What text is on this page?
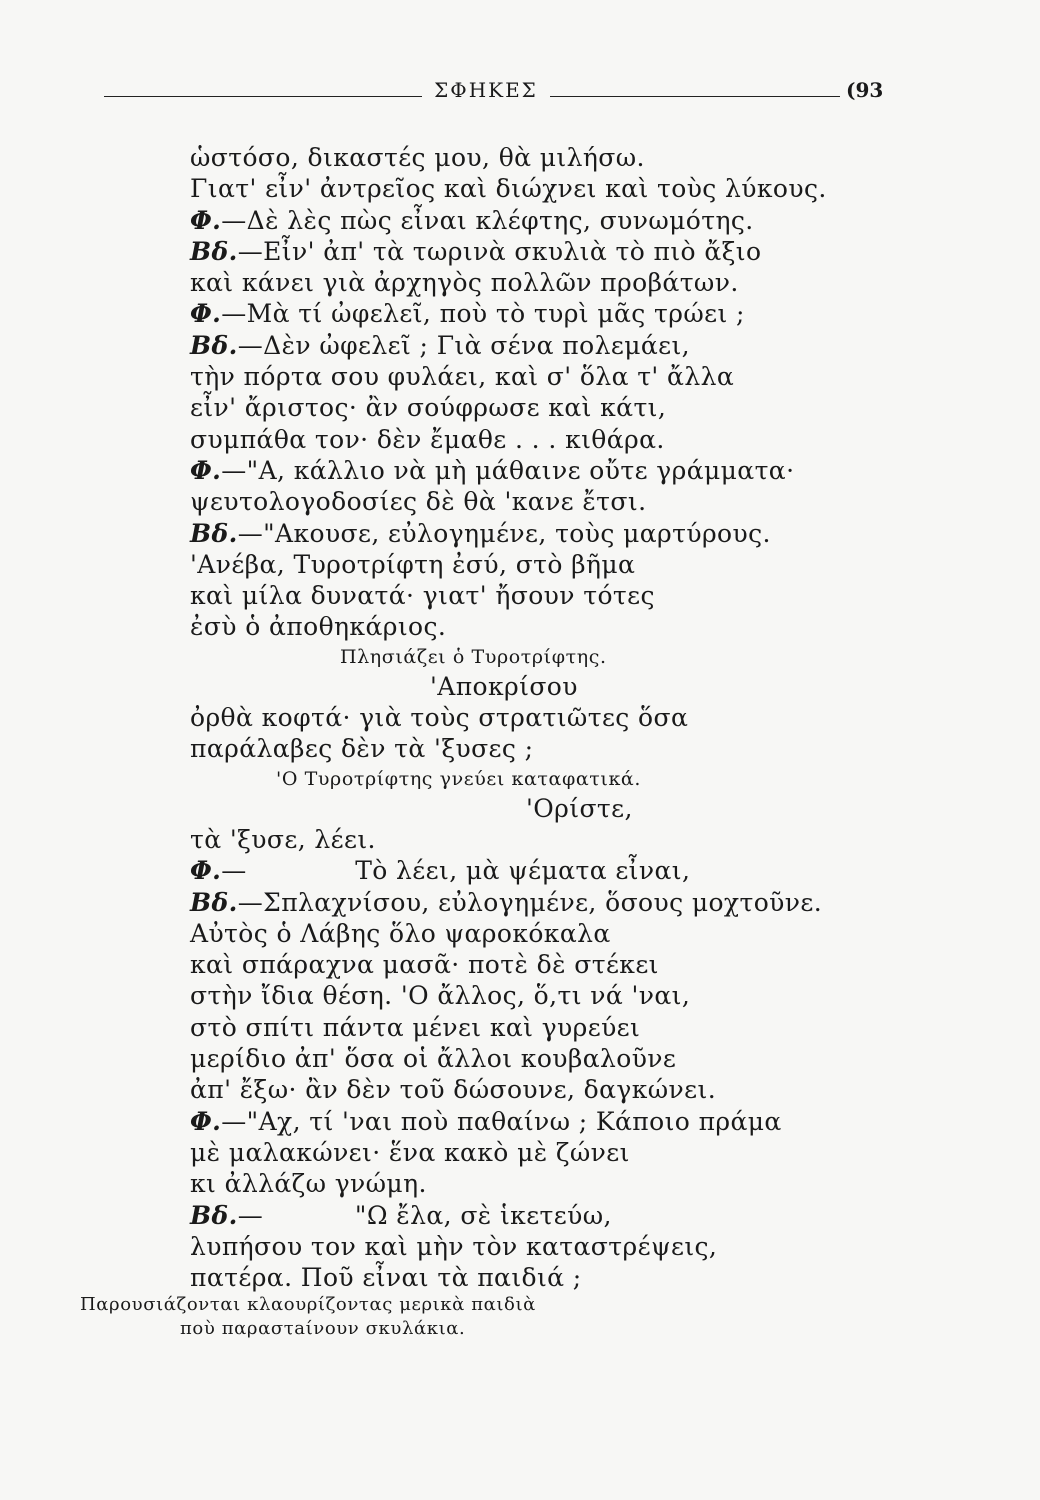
ΣΦΗΚΕΣ	(93
ὡστόσο, δικαστές μου, θὰ μιλήσω.
Γιατ' εἶν' ἀντρεῖος καὶ διώχνει καὶ τοὺς λύκους.
Φ.—Δὲ λὲς πὼς εἶναι κλέφτης, συνωμότης.
Βδ.—Εἶν' ἀπ' τὰ τωρινὰ σκυλιὰ τὸ πιὸ ἄξιο
καὶ κάνει γιὰ ἀρχηγὸς πολλῶν προβάτων.
Φ.—Μὰ τί ὠφελεῖ, ποὺ τὸ τυρὶ μᾶς τρώει ;
Βδ.—Δὲν ὠφελεῖ ; Γιὰ σένα πολεμάει,
τὴν πόρτα σου φυλάει, καὶ σ' ὅλα τ' ἄλλα
εἶν' ἄριστος· ἂν σούφρωσε καὶ κάτι,
συμπάθα τον· δὲν ἔμαθε . . . κιθάρα.
Φ.—"Α, κάλλιο νὰ μὴ μάθαινε οὔτε γράμματα·
ψευτολογοδοσίες δὲ θὰ 'κανε ἔτσι.
Βδ.—"Ακουσε, εὐλογημένε, τοὺς μαρτύρους.
'Ανέβα, Τυροτρίφτη ἐσύ, στὸ βῆμα
καὶ μίλα δυνατά· γιατ' ἤσουν τότες
ἐσὺ ὁ ἀποθηκάριος.
Πλησιάζει ὁ Τυροτρίφτης.
'Αποκρίσου
ὀρθὰ κοφτά· γιὰ τοὺς στρατιῶτες ὅσα
παράλαβες δὲν τὰ 'ξυσες ;
'Ο Τυροτρίφτης γνεύει καταφατικά.
'Ορίστε,
τὰ 'ξυσε, λέει.
Φ.—             Τὸ λέει, μὰ ψέματα εἶναι,
Βδ.—Σπλαχνίσου, εὐλογημένε, ὅσους μοχτοῦνε.
Αὐτὸς ὁ Λάβης ὅλο ψαροκόκαλα
καὶ σπάραχνα μασᾶ· ποτὲ δὲ στέκει
στὴν ἴδια θέση. 'Ο ἄλλος, ὅ,τι νά 'ναι,
στὸ σπίτι πάντα μένει καὶ γυρεύει
μερίδιο ἀπ' ὅσα οἱ ἄλλοι κουβαλοῦνε
ἀπ' ἔξω· ἂν δὲν τοῦ δώσουνε, δαγκώνει.
Φ.—"Αχ, τί 'ναι ποὺ παθαίνω ; Κάποιο πράμα
μὲ μαλακώνει· ἕνα κακὸ μὲ ζώνει
κι ἀλλάζω γνώμη.
Βδ.—           "Ω ἔλα, σὲ ἱκετεύω,
λυπήσου τον καὶ μὴν τὸν καταστρέψεις,
πατέρα. Ποῦ εἶναι τὰ παιδιά ;
Παρουσιάζονται κλαουρίζοντας μερικὰ παιδιὰ
ποὺ παραστaίνουν σκυλάκια.
